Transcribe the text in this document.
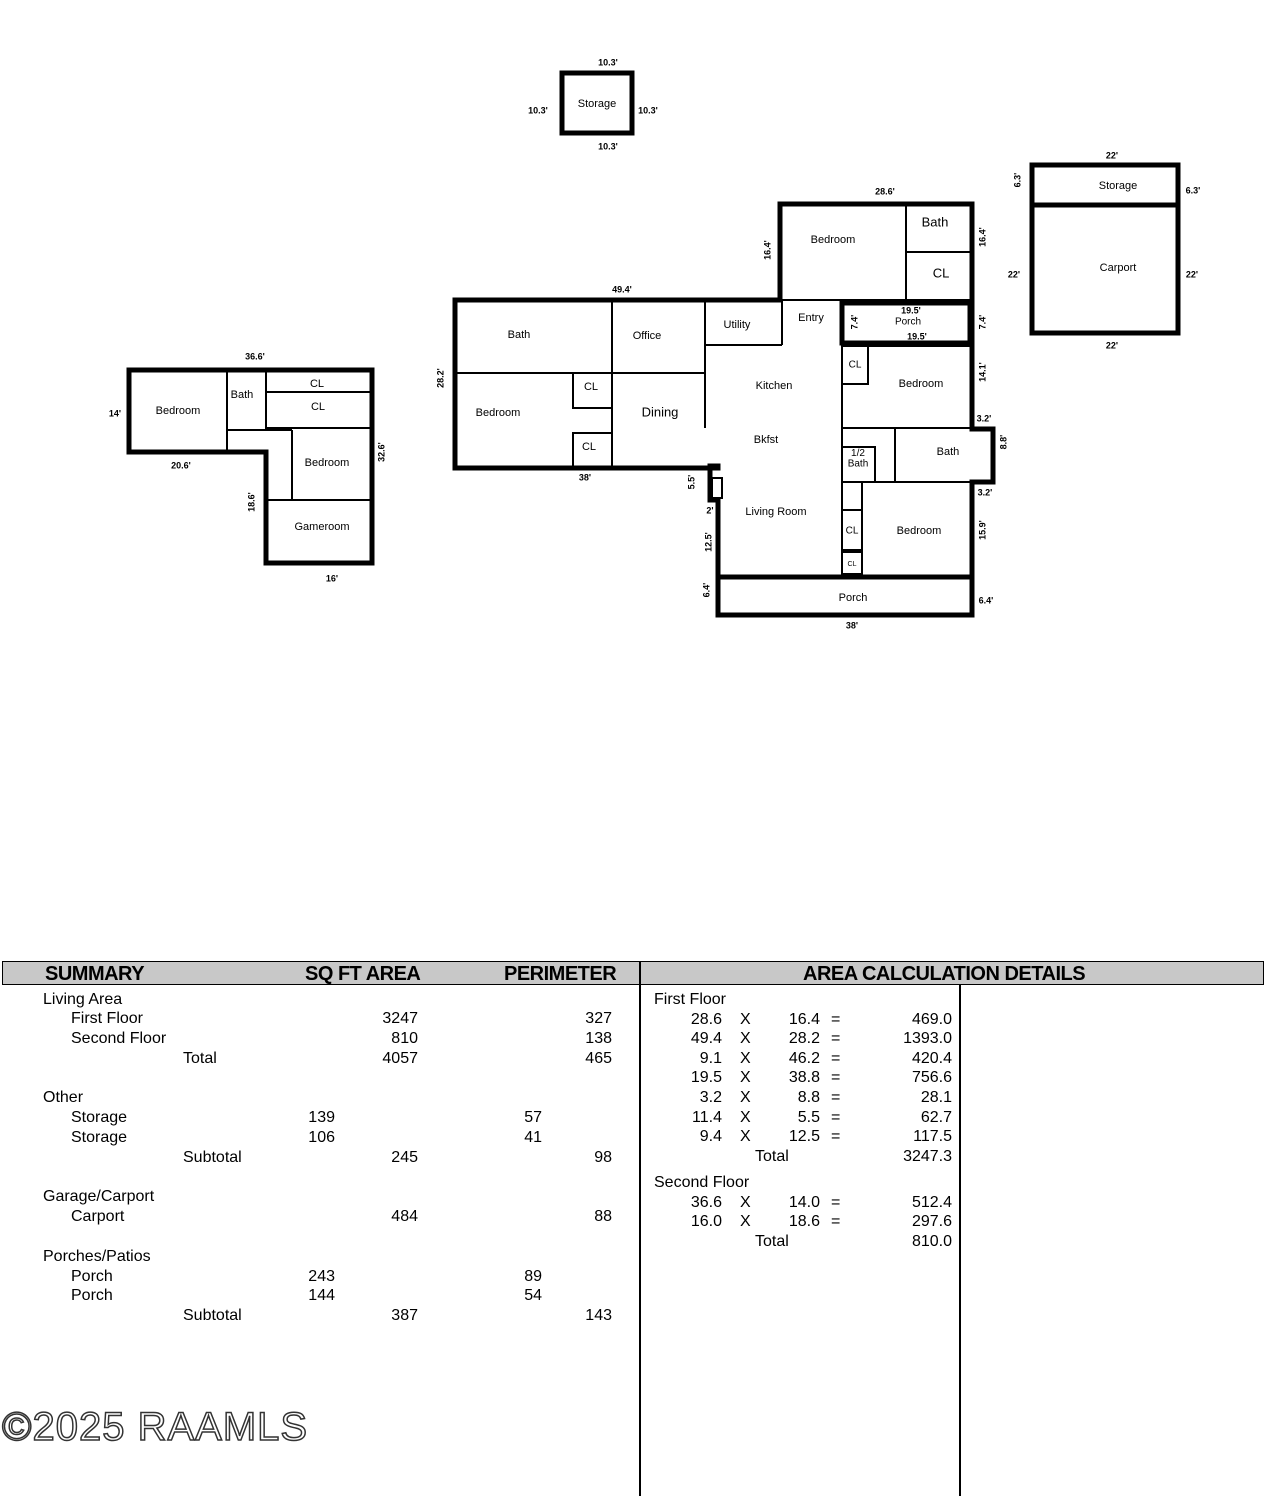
Storage
10.3'
10.3'	10.3'
10.3'
Storage
Carport
22'
6.3'
6.3'
22'	22'
22'
Bedroom
Bath
CL
Bath	Office
Utility
Entry	Porch
Bedroom
CL
CL
Dining
Kitchen
Bkfst
CL
Bedroom
1/2 Bath
Bath
Living Room
CL
CL
Bedroom
Porch
28.6'
16.4'
16.4'
49.4'
28.2'
38'
19.5'
19.5'
7.4'	7.4'
14.1'
3.2'
8.8'
3.2'
5.5'
2'
12.5'
15.9'
6.4'
6.4'
38'
Bedroom
Bath
CL
CL
Bedroom
Gameroom
36.6'
14'
20.6'
18.6'
32.6'
16'
SUMMARY	SQ FT AREA	PERIMETER	AREA CALCULATION DETAILS
Living Area
First Floor	3247	327
Second Floor	810	138
Total	4057	465
Other
Storage	139	57
Storage	106	41
Subtotal	245	98
Garage/Carport
Carport	484	88
Porches/Patios
Porch	243	89
Porch	144	54
Subtotal	387	143
First Floor
28.6 X	16.4 =	469.0
49.4 X	28.2 =	1393.0
9.1 X	46.2 =	420.4
19.5 X	38.8 =	756.6
3.2 X	8.8 =	28.1
11.4 X	5.5 =	62.7
9.4 X	12.5 =	117.5
Total	3247.3
Second Floor
36.6 X	14.0 =	512.4
16.0 X	18.6 =	297.6
Total	810.0
©2025 RAAMLS
